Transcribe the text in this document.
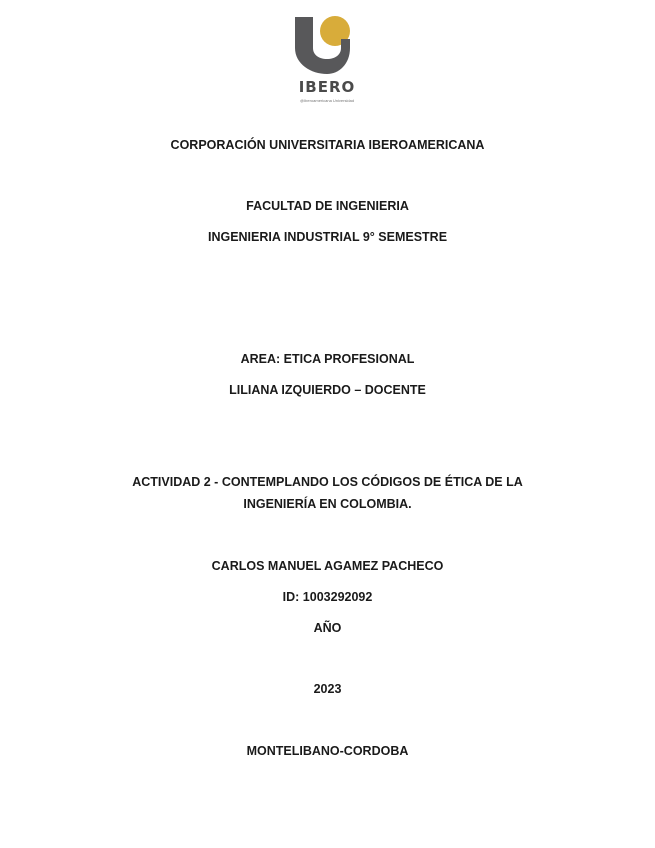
IBERO
@Iberoamericana Universidad
CORPORACIÓN UNIVERSITARIA IBEROAMERICANA
FACULTAD DE INGENIERIA
INGENIERIA INDUSTRIAL 9° SEMESTRE
AREA: ETICA PROFESIONAL
LILIANA IZQUIERDO – DOCENTE
ACTIVIDAD 2 - CONTEMPLANDO LOS CÓDIGOS DE ÉTICA DE LA INGENIERÍA EN COLOMBIA.
CARLOS MANUEL AGAMEZ PACHECO
ID: 1003292092
AÑO
2023
MONTELIBANO-CORDOBA
